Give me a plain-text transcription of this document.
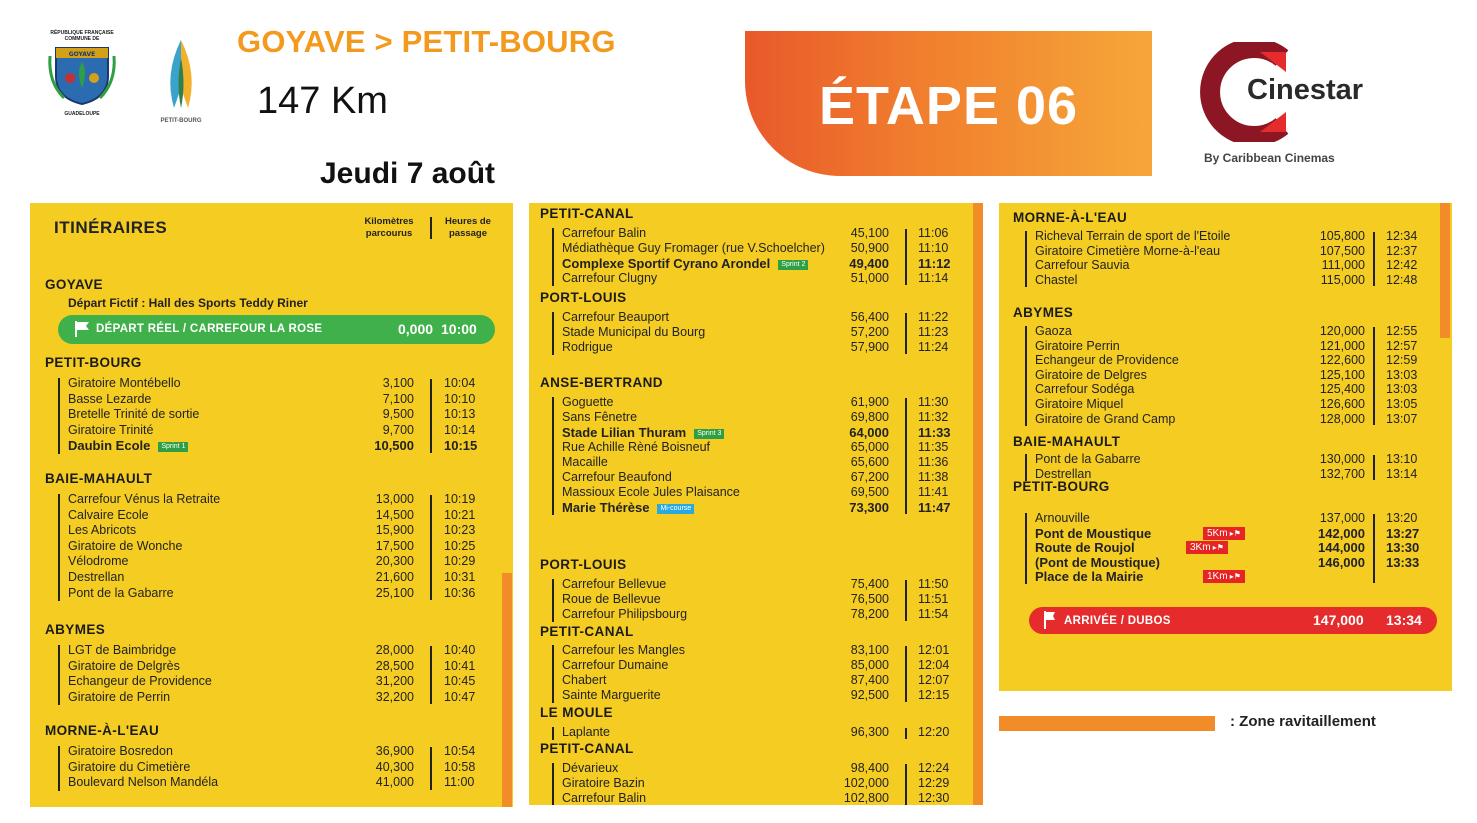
RÉPUBLIQUE FRANÇAISE
COMMUNE DE
GOYAVE
GUADELOUPE
PETIT-BOURG
GOYAVE > PETIT-BOURG
147 Km
Jeudi 7 août
ÉTAPE 06	Cinestar
By Caribbean Cinemas
ITINÉRAIRES	Kilomètres parcourus
Heures de passage
GOYAVE
Départ Fictif : Hall des Sports Teddy Riner
DÉPART RÉEL / CARREFOUR LA ROSE	0,000 10:00
PETIT-BOURG
Giratoire Montébello	3,100 10:04
Basse Lezarde	7,100 10:10
Bretelle Trinité de sortie	9,500 10:13
Giratoire Trinité	9,700 10:14
Daubin Ecole Sprint 1	10,500 10:15
BAIE-MAHAULT
Carrefour Vénus la Retraite	13,000 10:19
Calvaire Ecole	14,500 10:21
Les Abricots	15,900 10:23
Giratoire de Wonche	17,500 10:25
Vélodrome	20,300 10:29
Destrellan	21,600 10:31
Pont de la Gabarre	25,100 10:36
ABYMES
LGT de Baimbridge	28,000 10:40
Giratoire de Delgrès	28,500 10:41
Echangeur de Providence	31,200 10:45
Giratoire de Perrin	32,200 10:47
MORNE-À-L'EAU
Giratoire Bosredon	36,900 10:54
Giratoire du Cimetière	40,300 10:58
Boulevard Nelson Mandéla	41,000 11:00
PETIT-CANAL
Carrefour Balin	45,100 11:06
Médiathèque Guy Fromager (rue V.Schoelcher)	50,900 11:10
Complexe Sportif Cyrano Arondel Sprint 2	49,400 11:12
Carrefour Clugny	51,000 11:14
PORT-LOUIS
Carrefour Beauport	56,400 11:22
Stade Municipal du Bourg	57,200 11:23
Rodrigue	57,900 11:24
ANSE-BERTRAND
Goguette	61,900 11:30
Sans Fênetre	69,800 11:32
Stade Lilian Thuram Sprint 3	64,000 11:33
Rue Achille Rèné Boisneuf	65,000 11:35
Macaille	65,600 11:36
Carrefour Beaufond	67,200 11:38
Massioux Ecole Jules Plaisance	69,500 11:41
Marie Thérèse Mi-course	73,300 11:47
PORT-LOUIS
Carrefour Bellevue	75,400 11:50
Roue de Bellevue	76,500 11:51
Carrefour Philipsbourg	78,200 11:54
PETIT-CANAL
Carrefour les Mangles	83,100 12:01
Carrefour Dumaine	85,000 12:04
Chabert	87,400 12:07
Sainte Marguerite	92,500 12:15
LE MOULE
Laplante	96,300 12:20
PETIT-CANAL
Dévarieux	98,400 12:24
Giratoire Bazin	102,000 12:29
Carrefour Balin	102,800 12:30
MORNE-À-L'EAU
Richeval Terrain de sport de l'Etoile	105,800 12:34
Giratoire Cimetière Morne-à-l'eau	107,500 12:37
Carrefour Sauvia	111,000 12:42
Chastel	115,000 12:48
ABYMES
Gaoza	120,000 12:55
Giratoire Perrin	121,000 12:57
Echangeur de Providence	122,600 12:59
Giratoire de Delgres	125,100 13:03
Carrefour Sodéga	125,400 13:03
Giratoire Miquel	126,600 13:05
Giratoire de Grand Camp	128,000 13:07
BAIE-MAHAULT
Pont de la Gabarre	130,000 13:10
Destrellan	132,700 13:14
PETIT-BOURG
Arnouville	137,000 13:20
Pont de Moustique	5Km ▸⚑	142,000 13:27
Route de Roujol	3Km ▸⚑	144,000 13:30
(Pont de Moustique)	146,000 13:33
Place de la Mairie	1Km ▸⚑
ARRIVÉE / DUBOS	147,000 13:34
: Zone ravitaillement
